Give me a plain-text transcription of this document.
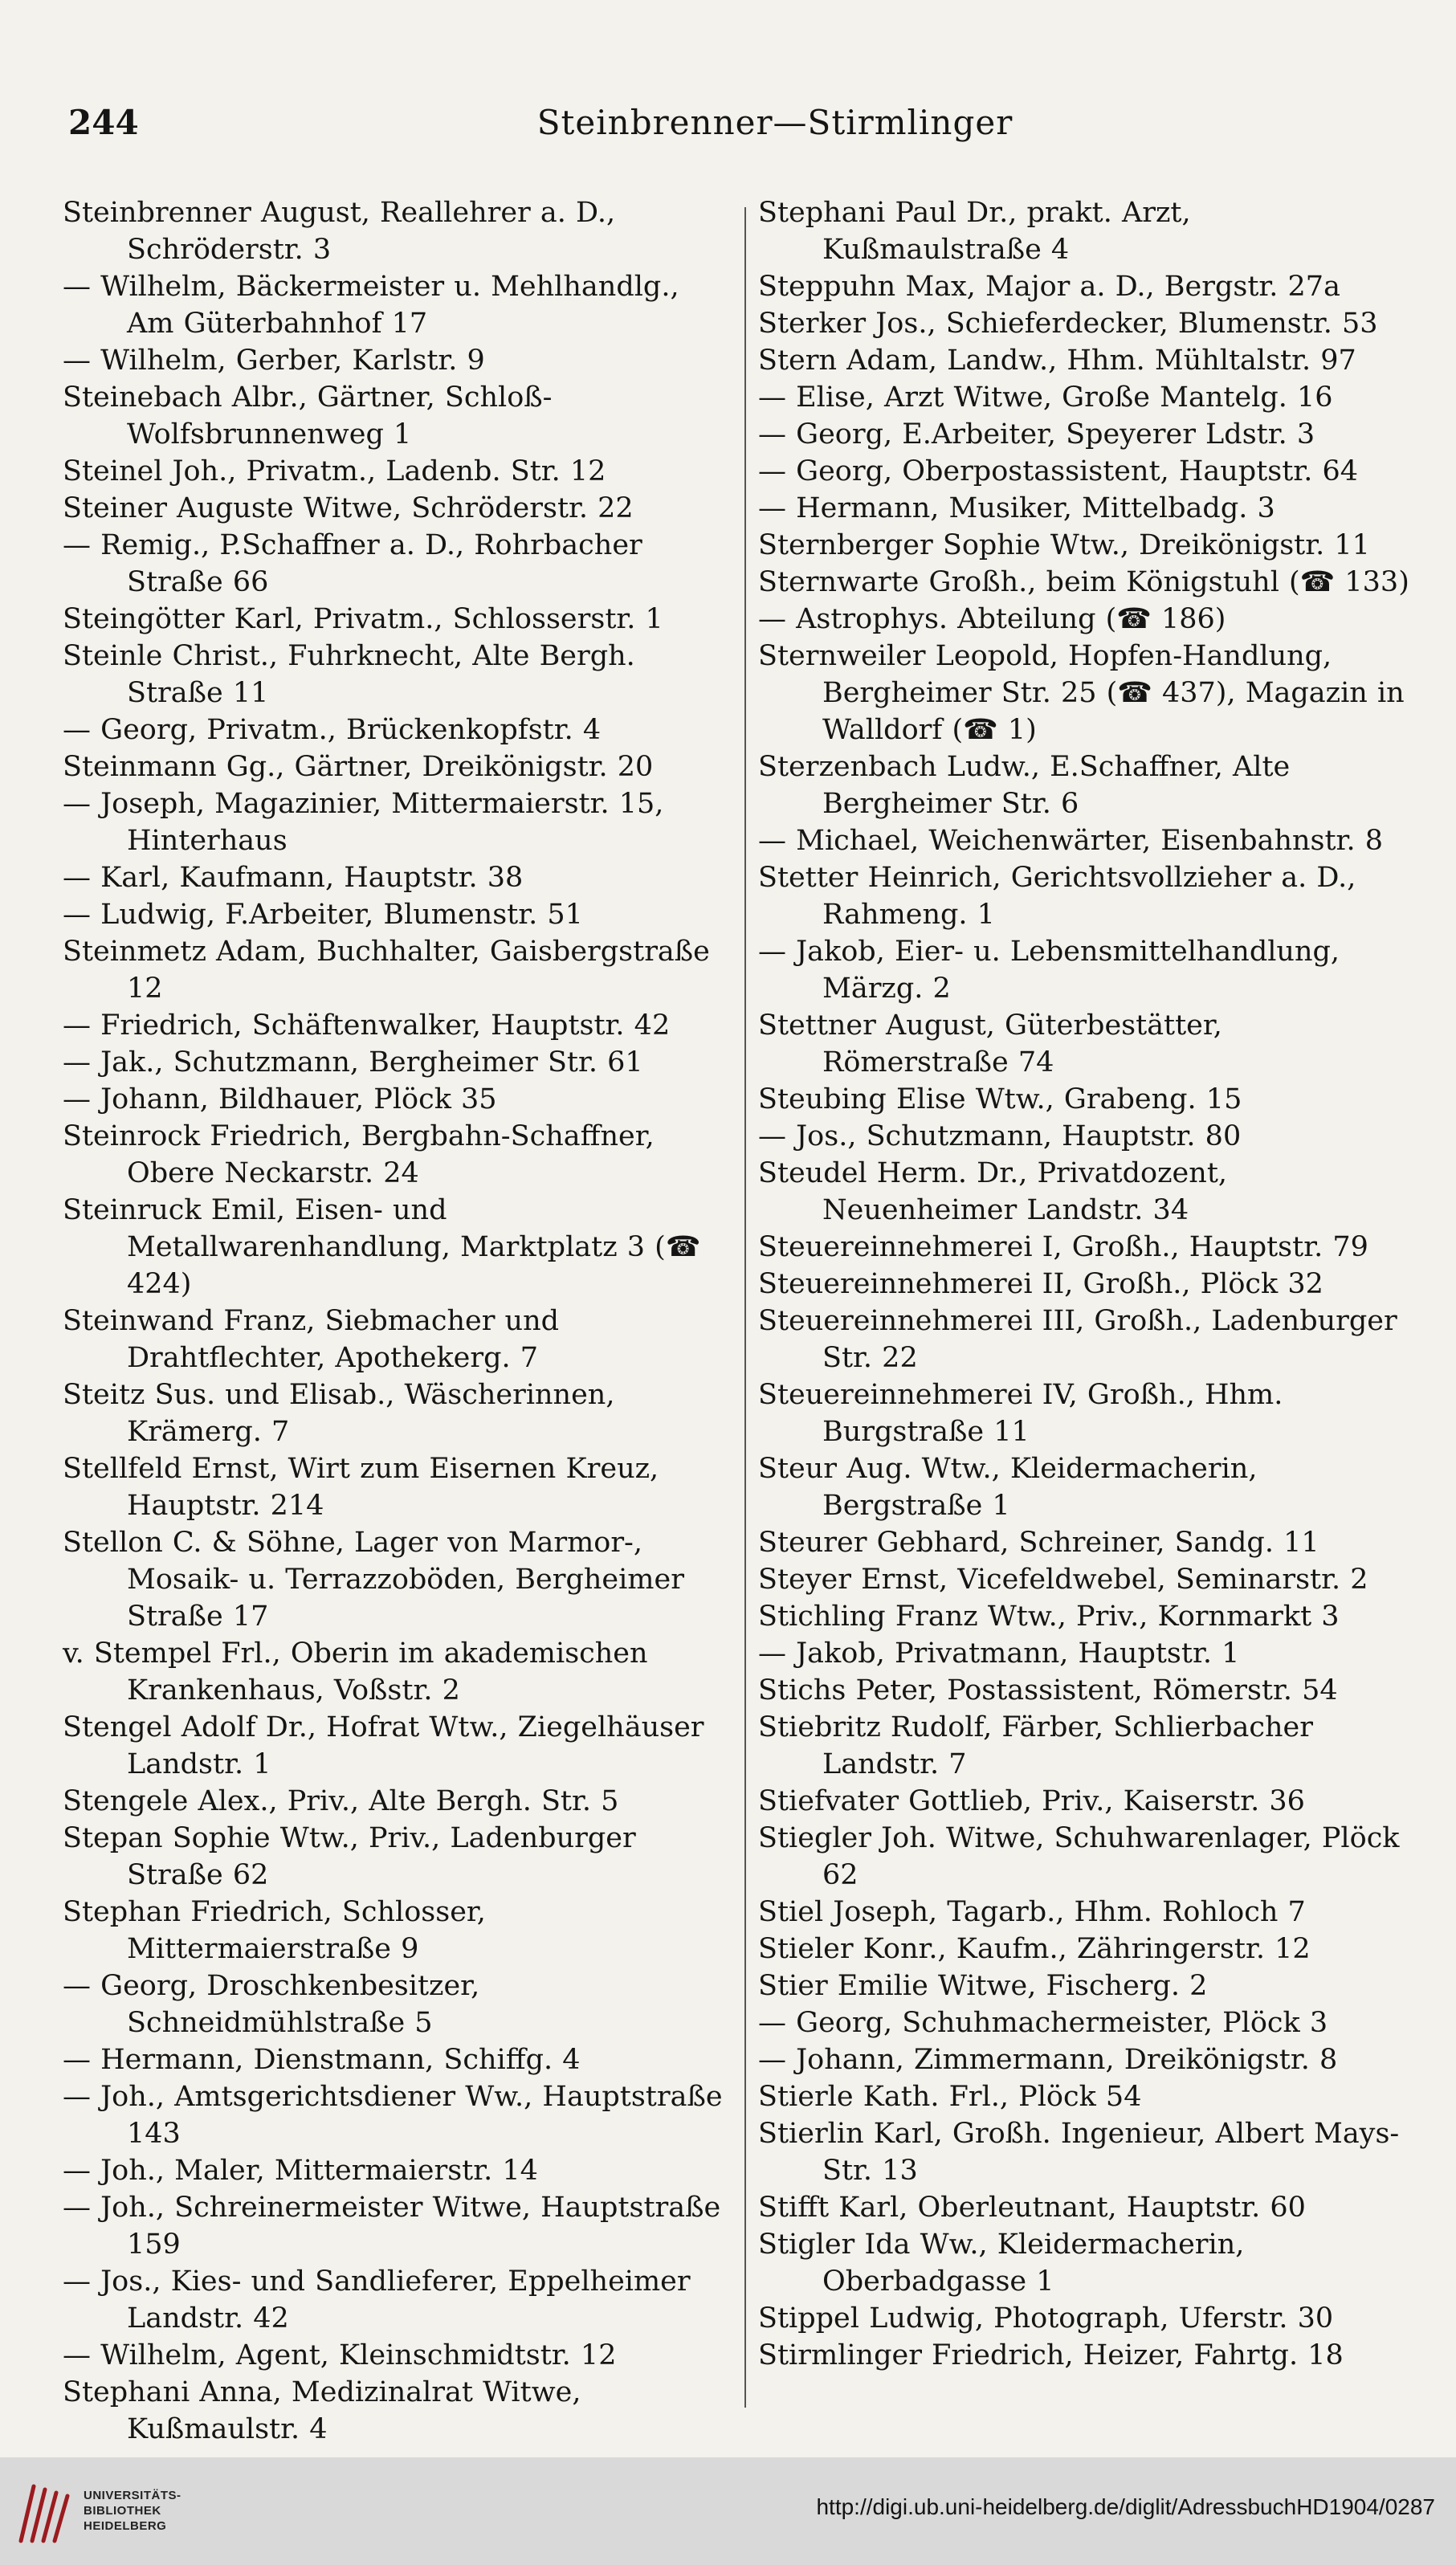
244	Steinbrenner—Stirmlinger

Steinbrenner August, Reallehrer a. D., Schröderstr. 3

— Wilhelm, Bäckermeister u. Mehlhandlg., Am Güterbahnhof 17

— Wilhelm, Gerber, Karlstr. 9

Steinebach Albr., Gärtner, Schloß-Wolfsbrunnenweg 1

Steinel Joh., Privatm., Ladenb. Str. 12

Steiner Auguste Witwe, Schröderstr. 22

— Remig., P.Schaffner a. D., Rohrbacher Straße 66

Steingötter Karl, Privatm., Schlosserstr. 1

Steinle Christ., Fuhrknecht, Alte Bergh. Straße 11

— Georg, Privatm., Brückenkopfstr. 4

Steinmann Gg., Gärtner, Dreikönigstr. 20

— Joseph, Magazinier, Mittermaierstr. 15, Hinterhaus

— Karl, Kaufmann, Hauptstr. 38

— Ludwig, F.Arbeiter, Blumenstr. 51

Steinmetz Adam, Buchhalter, Gaisbergstraße 12

— Friedrich, Schäftenwalker, Hauptstr. 42

— Jak., Schutzmann, Bergheimer Str. 61

— Johann, Bildhauer, Plöck 35

Steinrock Friedrich, Bergbahn-Schaffner, Obere Neckarstr. 24

Steinruck Emil, Eisen- und Metallwarenhandlung, Marktplatz 3 (☎ 424)

Steinwand Franz, Siebmacher und Drahtflechter, Apothekerg. 7

Steitz Sus. und Elisab., Wäscherinnen, Krämerg. 7

Stellfeld Ernst, Wirt zum Eisernen Kreuz, Hauptstr. 214

Stellon C. & Söhne, Lager von Marmor-, Mosaik- u. Terrazzoböden, Bergheimer Straße 17

v. Stempel Frl., Oberin im akademischen Krankenhaus, Voßstr. 2

Stengel Adolf Dr., Hofrat Wtw., Ziegelhäuser Landstr. 1

Stengele Alex., Priv., Alte Bergh. Str. 5

Stepan Sophie Wtw., Priv., Ladenburger Straße 62

Stephan Friedrich, Schlosser, Mittermaierstraße 9

— Georg, Droschkenbesitzer, Schneidmühlstraße 5

— Hermann, Dienstmann, Schiffg. 4

— Joh., Amtsgerichtsdiener Ww., Hauptstraße 143

— Joh., Maler, Mittermaierstr. 14

— Joh., Schreinermeister Witwe, Hauptstraße 159

— Jos., Kies- und Sandlieferer, Eppelheimer Landstr. 42

— Wilhelm, Agent, Kleinschmidtstr. 12

Stephani Anna, Medizinalrat Witwe, Kußmaulstr. 4

Stephani Paul Dr., prakt. Arzt, Kußmaulstraße 4

Steppuhn Max, Major a. D., Bergstr. 27a

Sterker Jos., Schieferdecker, Blumenstr. 53

Stern Adam, Landw., Hhm. Mühltalstr. 97

— Elise, Arzt Witwe, Große Mantelg. 16

— Georg, E.Arbeiter, Speyerer Ldstr. 3

— Georg, Oberpostassistent, Hauptstr. 64

— Hermann, Musiker, Mittelbadg. 3

Sternberger Sophie Wtw., Dreikönigstr. 11

Sternwarte Großh., beim Königstuhl (☎ 133)

— Astrophys. Abteilung (☎ 186)

Sternweiler Leopold, Hopfen-Handlung, Bergheimer Str. 25 (☎ 437), Magazin in Walldorf (☎ 1)

Sterzenbach Ludw., E.Schaffner, Alte Bergheimer Str. 6

— Michael, Weichenwärter, Eisenbahnstr. 8

Stetter Heinrich, Gerichtsvollzieher a. D., Rahmeng. 1

— Jakob, Eier- u. Lebensmittelhandlung, Märzg. 2

Stettner August, Güterbestätter, Römerstraße 74

Steubing Elise Wtw., Grabeng. 15

— Jos., Schutzmann, Hauptstr. 80

Steudel Herm. Dr., Privatdozent, Neuenheimer Landstr. 34

Steuereinnehmerei I, Großh., Hauptstr. 79

Steuereinnehmerei II, Großh., Plöck 32

Steuereinnehmerei III, Großh., Ladenburger Str. 22

Steuereinnehmerei IV, Großh., Hhm. Burgstraße 11

Steur Aug. Wtw., Kleidermacherin, Bergstraße 1

Steurer Gebhard, Schreiner, Sandg. 11

Steyer Ernst, Vicefeldwebel, Seminarstr. 2

Stichling Franz Wtw., Priv., Kornmarkt 3

— Jakob, Privatmann, Hauptstr. 1

Stichs Peter, Postassistent, Römerstr. 54

Stiebritz Rudolf, Färber, Schlierbacher Landstr. 7

Stiefvater Gottlieb, Priv., Kaiserstr. 36

Stiegler Joh. Witwe, Schuhwarenlager, Plöck 62

Stiel Joseph, Tagarb., Hhm. Rohloch 7

Stieler Konr., Kaufm., Zähringerstr. 12

Stier Emilie Witwe, Fischerg. 2

— Georg, Schuhmachermeister, Plöck 3

— Johann, Zimmermann, Dreikönigstr. 8

Stierle Kath. Frl., Plöck 54

Stierlin Karl, Großh. Ingenieur, Albert Mays-Str. 13

Stifft Karl, Oberleutnant, Hauptstr. 60

Stigler Ida Ww., Kleidermacherin, Oberbadgasse 1

Stippel Ludwig, Photograph, Uferstr. 30

Stirmlinger Friedrich, Heizer, Fahrtg. 18

UNIVERSITÄTS-
BIBLIOTHEK
HEIDELBERG
http://digi.ub.uni-heidelberg.de/diglit/AdressbuchHD1904/0287
